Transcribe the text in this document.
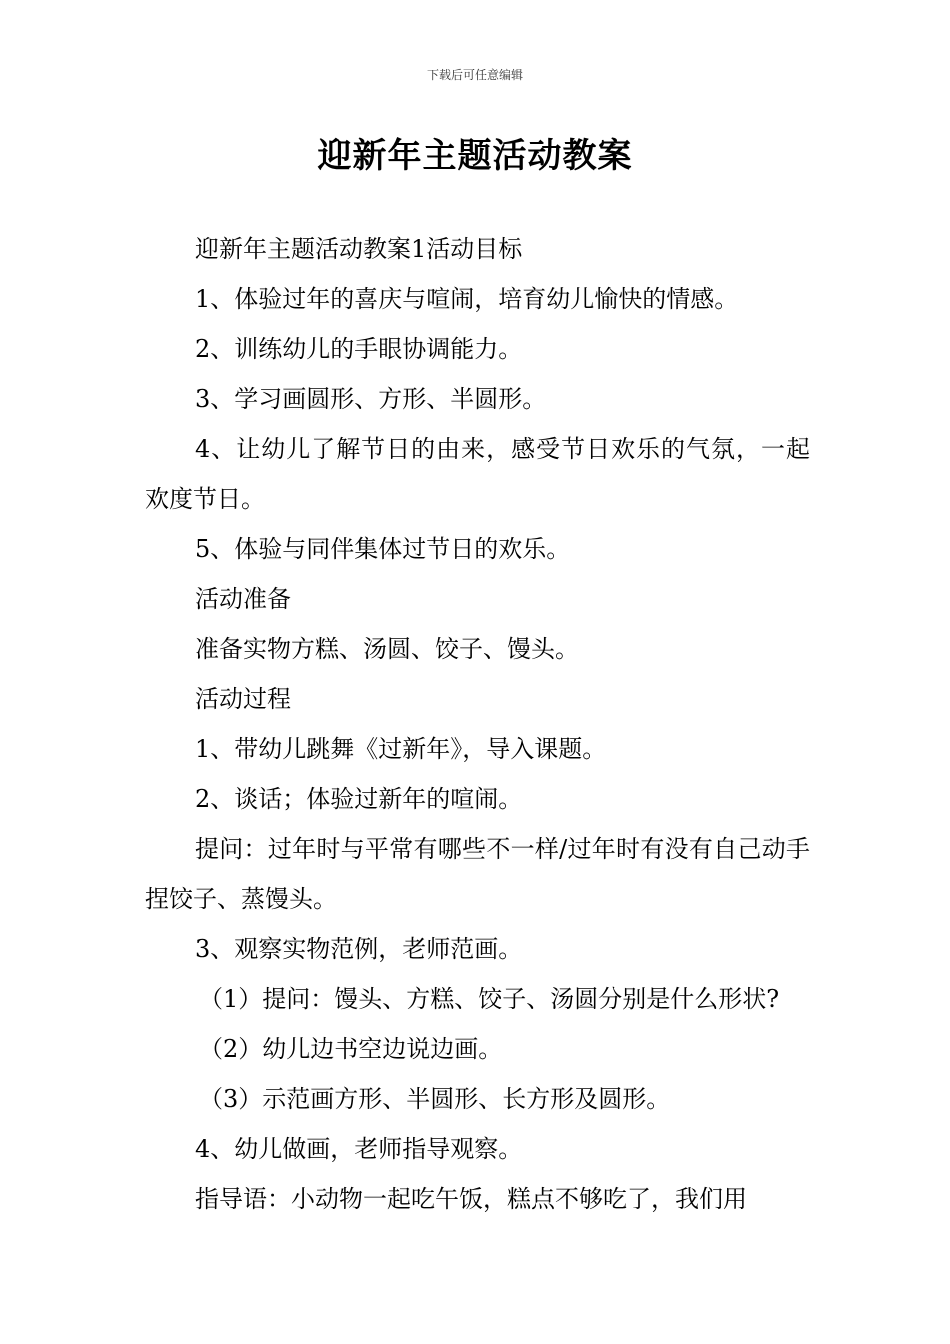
下载后可任意编辑
迎新年主题活动教案

迎新年主题活动教案1活动目标

1、体验过年的喜庆与喧闹，培育幼儿愉快的情感。

2、训练幼儿的手眼协调能力。

3、学习画圆形、方形、半圆形。

4、让幼儿了解节日的由来，感受节日欢乐的气氛，一起欢度节日。

5、体验与同伴集体过节日的欢乐。

活动准备

准备实物方糕、汤圆、饺子、馒头。

活动过程

1、带幼儿跳舞《过新年》，导入课题。

2、谈话；体验过新年的喧闹。

提问：过年时与平常有哪些不一样/过年时有没有自己动手捏饺子、蒸馒头。

3、观察实物范例，老师范画。

（1）提问：馒头、方糕、饺子、汤圆分别是什么形状?

（2）幼儿边书空边说边画。

（3）示范画方形、半圆形、长方形及圆形。

4、幼儿做画，老师指导观察。

指导语：小动物一起吃午饭，糕点不够吃了，我们用
